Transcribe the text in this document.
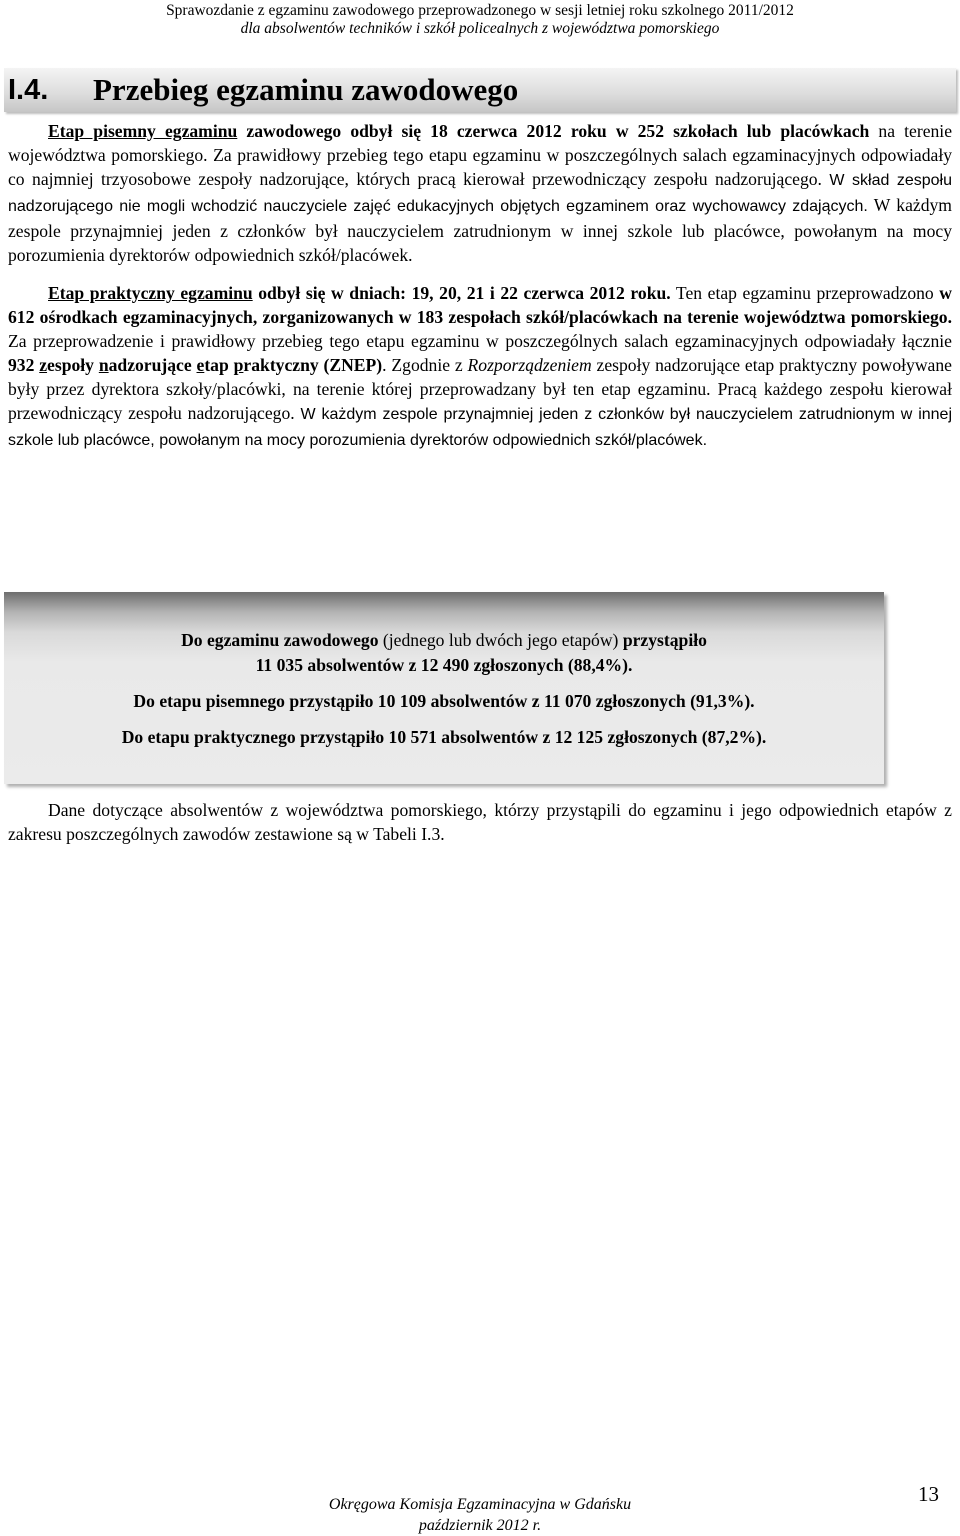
Sprawozdanie z egzaminu zawodowego przeprowadzonego w sesji letniej roku szkolnego 2011/2012
dla absolwentów techników i szkół policealnych z województwa pomorskiego
I.4. Przebieg egzaminu zawodowego

Etap pisemny egzaminu zawodowego odbył się 18 czerwca 2012 roku w 252 szkołach lub placówkach na terenie województwa pomorskiego. Za prawidłowy przebieg tego etapu egzaminu w poszczególnych salach egzaminacyjnych odpowiadały co najmniej trzyosobowe zespoły nadzorujące, których pracą kierował przewodniczący zespołu nadzorującego. W skład zespołu nadzorującego nie mogli wchodzić nauczyciele zajęć edukacyjnych objętych egzaminem oraz wychowawcy zdających. W każdym zespole przynajmniej jeden z członków był nauczycielem zatrudnionym w innej szkole lub placówce, powołanym na mocy porozumienia dyrektorów odpowiednich szkół/placówek.

Etap praktyczny egzaminu odbył się w dniach: 19, 20, 21 i 22 czerwca 2012 roku. Ten etap egzaminu przeprowadzono w 612 ośrodkach egzaminacyjnych, zorganizowanych w 183 zespołach szkół/placówkach na terenie województwa pomorskiego. Za przeprowadzenie i prawidłowy przebieg tego etapu egzaminu w poszczególnych salach egzaminacyjnych odpowiadały łącznie 932 zespoły nadzorujące etap praktyczny (ZNEP). Zgodnie z Rozporządzeniem zespoły nadzorujące etap praktyczny powoływane były przez dyrektora szkoły/placówki, na terenie której przeprowadzany był ten etap egzaminu. Pracą każdego zespołu kierował przewodniczący zespołu nadzorującego. W każdym zespole przynajmniej jeden z członków był nauczycielem zatrudnionym w innej szkole lub placówce, powołanym na mocy porozumienia dyrektorów odpowiednich szkół/placówek.

Do egzaminu zawodowego (jednego lub dwóch jego etapów) przystąpiło
11 035 absolwentów z 12 490 zgłoszonych (88,4%).
Do etapu pisemnego przystąpiło 10 109 absolwentów z 11 070 zgłoszonych (91,3%).
Do etapu praktycznego przystąpiło 10 571 absolwentów z 12 125 zgłoszonych (87,2%).
Dane dotyczące absolwentów z województwa pomorskiego, którzy przystąpili do egzaminu i jego odpowiednich etapów z zakresu poszczególnych zawodów zestawione są w Tabeli I.3.
Okręgowa Komisja Egzaminacyjna w Gdańsku
październik 2012 r.
13
